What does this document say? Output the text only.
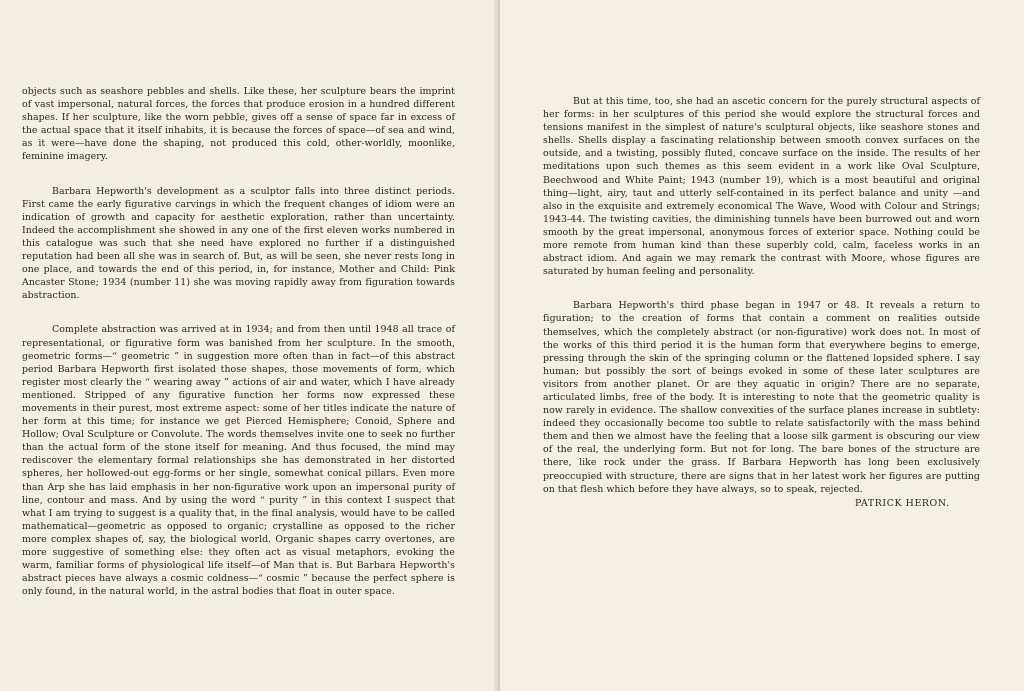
objects such as seashore pebbles and shells. Like these, her sculpture bears the imprint of vast impersonal, natural forces, the forces that produce erosion in a hundred different shapes. If her sculpture, like the worn pebble, gives off a sense of space far in excess of the actual space that it itself inhabits, it is because the forces of space—of sea and wind, as it were—have done the shaping, not produced this cold, other-worldly, moonlike, feminine imagery.

Barbara Hepworth's development as a sculptor falls into three distinct periods. First came the early figurative carvings in which the frequent changes of idiom were an indication of growth and capacity for aesthetic exploration, rather than uncertainty. Indeed the accomplishment she showed in any one of the first eleven works numbered in this catalogue was such that she need have explored no further if a distinguished reputation had been all she was in search of. But, as will be seen, she never rests long in one place, and towards the end of this period, in, for instance, Mother and Child: Pink Ancaster Stone; 1934 (number 11) she was moving rapidly away from figuration towards abstraction.

Complete abstraction was arrived at in 1934; and from then until 1948 all trace of representational, or figurative form was banished from her sculpture. In the smooth, geometric forms—“ geometric ” in suggestion more often than in fact—of this abstract period Barbara Hepworth first isolated those shapes, those movements of form, which register most clearly the “ wearing away ” actions of air and water, which I have already mentioned. Stripped of any figurative function her forms now expressed these movements in their purest, most extreme aspect: some of her titles indicate the nature of her form at this time; for instance we get Pierced Hemisphere; Conoid, Sphere and Hollow; Oval Sculpture or Convolute. The words themselves invite one to seek no further than the actual form of the stone itself for meaning. And thus focused, the mind may rediscover the elementary formal relationships she has demonstrated in her distorted spheres, her hollowed-out egg-forms or her single, somewhat conical pillars. Even more than Arp she has laid emphasis in her non-figurative work upon an impersonal purity of line, contour and mass. And by using the word “ purity ” in this context I suspect that what I am trying to suggest is a quality that, in the final analysis, would have to be called mathematical—geometric as opposed to organic; crystalline as opposed to the richer more complex shapes of, say, the biological world. Organic shapes carry overtones, are more suggestive of something else: they often act as visual metaphors, evoking the warm, familiar forms of physiological life itself—of Man that is. But Barbara Hepworth's abstract pieces have always a cosmic coldness—“ cosmic ” because the perfect sphere is only found, in the natural world, in the astral bodies that float in outer space.

But at this time, too, she had an ascetic concern for the purely structural aspects of her forms: in her sculptures of this period she would explore the structural forces and tensions manifest in the simplest of nature's sculptural objects, like seashore stones and shells. Shells display a fascinating relationship between smooth convex surfaces on the outside, and a twisting, possibly fluted, concave surface on the inside. The results of her meditations upon such themes as this seem evident in a work like Oval Sculpture, Beechwood and White Paint; 1943 (number 19), which is a most beautiful and original thing—light, airy, taut and utterly self-contained in its perfect balance and unity —and also in the exquisite and extremely economical The Wave, Wood with Colour and Strings; 1943-44. The twisting cavities, the diminishing tunnels have been burrowed out and worn smooth by the great impersonal, anonymous forces of exterior space. Nothing could be more remote from human kind than these superbly cold, calm, faceless works in an abstract idiom. And again we may remark the contrast with Moore, whose figures are saturated by human feeling and personality.

Barbara Hepworth's third phase began in 1947 or 48. It reveals a return to figuration; to the creation of forms that contain a comment on realities outside themselves, which the completely abstract (or non-figurative) work does not. In most of the works of this third period it is the human form that everywhere begins to emerge, pressing through the skin of the springing column or the flattened lopsided sphere. I say human; but possibly the sort of beings evoked in some of these later sculptures are visitors from another planet. Or are they aquatic in origin? There are no separate, articulated limbs, free of the body. It is interesting to note that the geometric quality is now rarely in evidence. The shallow convexities of the surface planes increase in subtlety: indeed they occasionally become too subtle to relate satisfactorily with the mass behind them and then we almost have the feeling that a loose silk garment is obscuring our view of the real, the underlying form. But not for long. The bare bones of the structure are there, like rock under the grass. If Barbara Hepworth has long been exclusively preoccupied with structure, there are signs that in her latest work her figures are putting on that flesh which before they have always, so to speak, rejected.

PATRICK HERON.
